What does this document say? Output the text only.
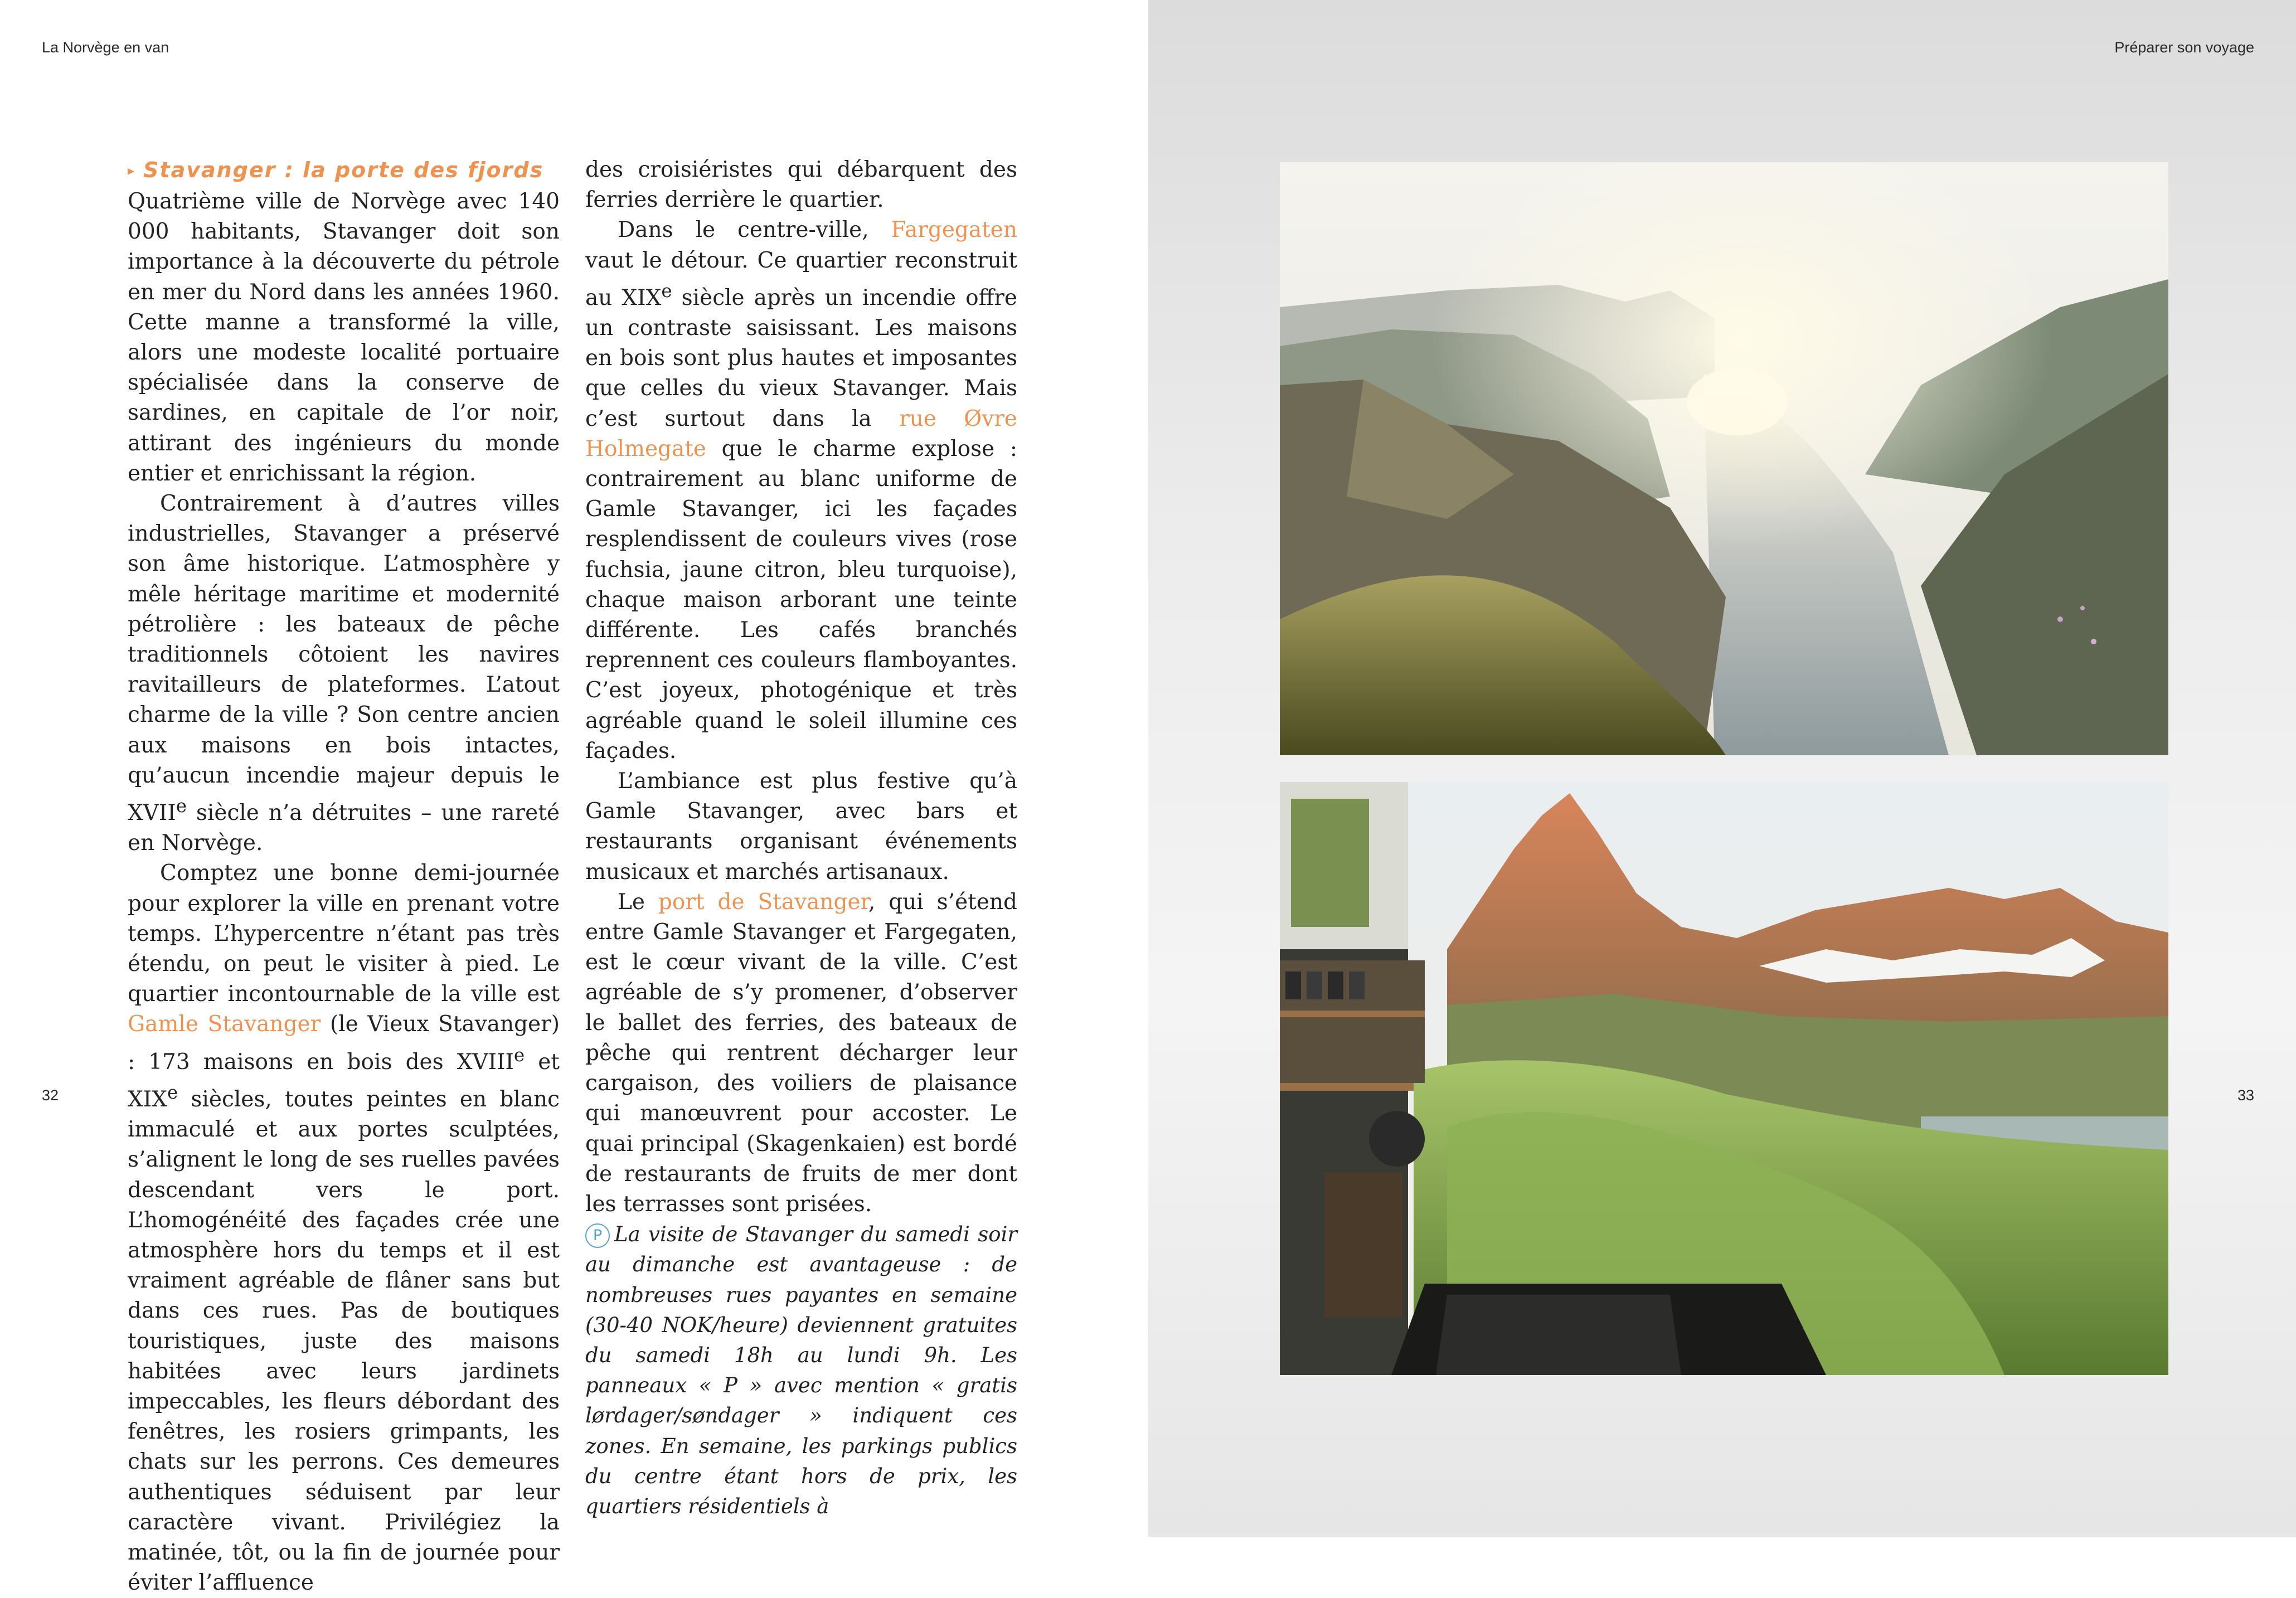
La Norvège en van	Préparer son voyage
32	33
▸ Stavanger : la porte des fjords

Quatrième ville de Norvège avec 140 000 habitants, Stavanger doit son importance à la découverte du pétrole en mer du Nord dans les années 1960. Cette manne a transformé la ville, alors une modeste localité portuaire spécialisée dans la conserve de sardines, en capitale de l’or noir, attirant des ingénieurs du monde entier et enrichissant la région.

Contrairement à d’autres villes industrielles, Stavanger a préservé son âme historique. L’atmosphère y mêle héritage maritime et modernité pétrolière : les bateaux de pêche traditionnels côtoient les navires ravitailleurs de plateformes. L’atout charme de la ville ? Son centre ancien aux maisons en bois intactes, qu’aucun incendie majeur depuis le XVIIe siècle n’a détruites – une rareté en Norvège.

Comptez une bonne demi-journée pour explorer la ville en prenant votre temps. L’hypercentre n’étant pas très étendu, on peut le visiter à pied. Le quartier incontournable de la ville est Gamle Stavanger (le Vieux Stavanger) : 173 maisons en bois des XVIIIe et XIXe siècles, toutes peintes en blanc immaculé et aux portes sculptées, s’alignent le long de ses ruelles pavées descendant vers le port. L’homogénéité des façades crée une atmosphère hors du temps et il est vraiment agréable de flâner sans but dans ces rues. Pas de boutiques touristiques, juste des maisons habitées avec leurs jardinets impeccables, les fleurs débordant des fenêtres, les rosiers grimpants, les chats sur les perrons. Ces demeures authentiques séduisent par leur caractère vivant. Privilégiez la matinée, tôt, ou la fin de journée pour éviter l’affluence

des croisiéristes qui débarquent des ferries derrière le quartier.

Dans le centre-ville, Fargegaten vaut le détour. Ce quartier reconstruit au XIXe siècle après un incendie offre un contraste saisissant. Les maisons en bois sont plus hautes et imposantes que celles du vieux Stavanger. Mais c’est surtout dans la rue Øvre Holmegate que le charme explose : contrairement au blanc uniforme de Gamle Stavanger, ici les façades resplendissent de couleurs vives (rose fuchsia, jaune citron, bleu turquoise), chaque maison arborant une teinte différente. Les cafés branchés reprennent ces couleurs flamboyantes. C’est joyeux, photogénique et très agréable quand le soleil illumine ces façades.

L’ambiance est plus festive qu’à Gamle Stavanger, avec bars et restaurants organisant événements musicaux et marchés artisanaux.

Le port de Stavanger, qui s’étend entre Gamle Stavanger et Fargegaten, est le cœur vivant de la ville. C’est agréable de s’y promener, d’observer le ballet des ferries, des bateaux de pêche qui rentrent décharger leur cargaison, des voiliers de plaisance qui manœuvrent pour accoster. Le quai principal (Skagenkaien) est bordé de restaurants de fruits de mer dont les terrasses sont prisées.

P La visite de Stavanger du samedi soir au dimanche est avantageuse : de nombreuses rues payantes en semaine (30-40 NOK/heure) deviennent gratuites du samedi 18h au lundi 9h. Les panneaux « P » avec mention « gratis lørdager/søndager » indiquent ces zones. En semaine, les parkings publics du centre étant hors de prix, les quartiers résidentiels à
